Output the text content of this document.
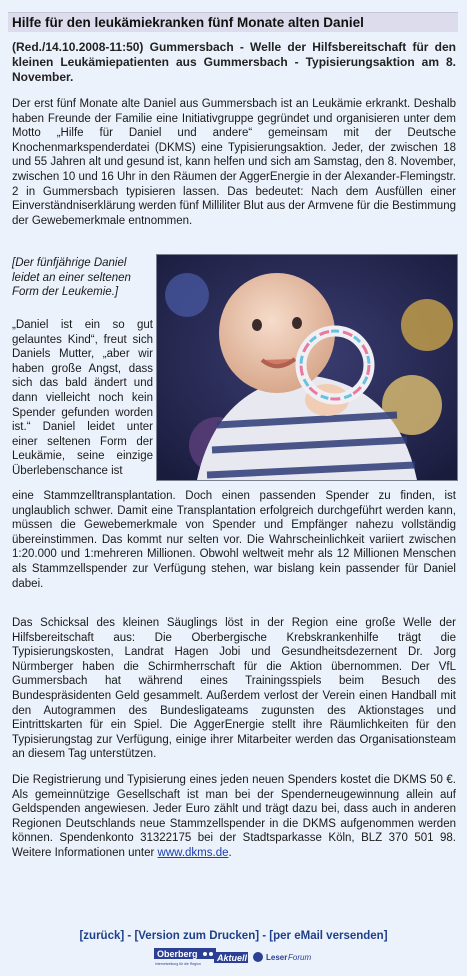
Hilfe für den leukämiekranken fünf Monate alten Daniel

(Red./14.10.2008-11:50) Gummersbach - Welle der Hilfsbereitschaft für den kleinen Leukämiepatienten aus Gummersbach - Typisierungsaktion am 8. November.

Der erst fünf Monate alte Daniel aus Gummersbach ist an Leukämie erkrankt. Deshalb haben Freunde der Familie eine Initiativgruppe gegründet und organisieren unter dem Motto „Hilfe für Daniel und andere“ gemeinsam mit der Deutsche Knochenmarkspenderdatei (DKMS) eine Typisierungsaktion. Jeder, der zwischen 18 und 55 Jahren alt und gesund ist, kann helfen und sich am Samstag, den 8. November, zwischen 10 und 16 Uhr in den Räumen der AggerEnergie in der Alexander-Flemingstr. 2 in Gummersbach typisieren lassen. Das bedeutet: Nach dem Ausfüllen einer Einverständniserklärung werden fünf Milliliter Blut aus der Armvene für die Bestimmung der Gewebemerkmale entnommen.

[Der fünfjährige Daniel leidet an einer seltenen Form der Leukemie.]

„Daniel ist ein so gut gelauntes Kind“, freut sich Daniels Mutter, „aber wir haben große Angst, dass sich das bald ändert und dann vielleicht noch kein Spender gefunden worden ist.“ Daniel leidet unter einer seltenen Form der Leukämie, seine einzige Überlebenschance ist

eine Stammzelltransplantation. Doch einen passenden Spender zu finden, ist unglaublich schwer. Damit eine Transplantation erfolgreich durchgeführt werden kann, müssen die Gewebemerkmale von Spender und Empfänger nahezu vollständig übereinstimmen. Das kommt nur selten vor. Die Wahrscheinlichkeit variiert zwischen 1:20.000 und 1:mehreren Millionen. Obwohl weltweit mehr als 12 Millionen Menschen als Stammzellspender zur Verfügung stehen, war bislang kein passender für Daniel dabei.

Das Schicksal des kleinen Säuglings löst in der Region eine große Welle der Hilfsbereitschaft aus: Die Oberbergische Krebskrankenhilfe trägt die Typisierungskosten, Landrat Hagen Jobi und Gesundheitsdezernent Dr. Jorg Nürmberger haben die Schirmherrschaft für die Aktion übernommen. Der VfL Gummersbach hat während eines Trainingsspiels beim Besuch des Bundespräsidenten Geld gesammelt. Außerdem verlost der Verein einen Handball mit den Autogrammen des Bundesligateams zugunsten des Aktionstages und Eintrittskarten für ein Spiel. Die AggerEnergie stellt ihre Räumlichkeiten für den Typisierungstag zur Verfügung, einige ihrer Mitarbeiter werden das Organisationsteam an diesem Tag unterstützen.

Die Registrierung und Typisierung eines jeden neuen Spenders kostet die DKMS 50 €. Als gemeinnützige Gesellschaft ist man bei der Spenderneugewinnung allein auf Geldspenden angewiesen. Jeder Euro zählt und trägt dazu bei, dass auch in anderen Regionen Deutschlands neue Stammzellspender in die DKMS aufgenommen werden können. Spendenkonto 31322175 bei der Stadtsparkasse Köln, BLZ 370 501 98. Weitere Informationen unter www.dkms.de.

[zurück] - [Version zum Drucken] - [per eMail versenden]
Oberberg Aktuell
Internetzeitung für die Region
Leser Forum
